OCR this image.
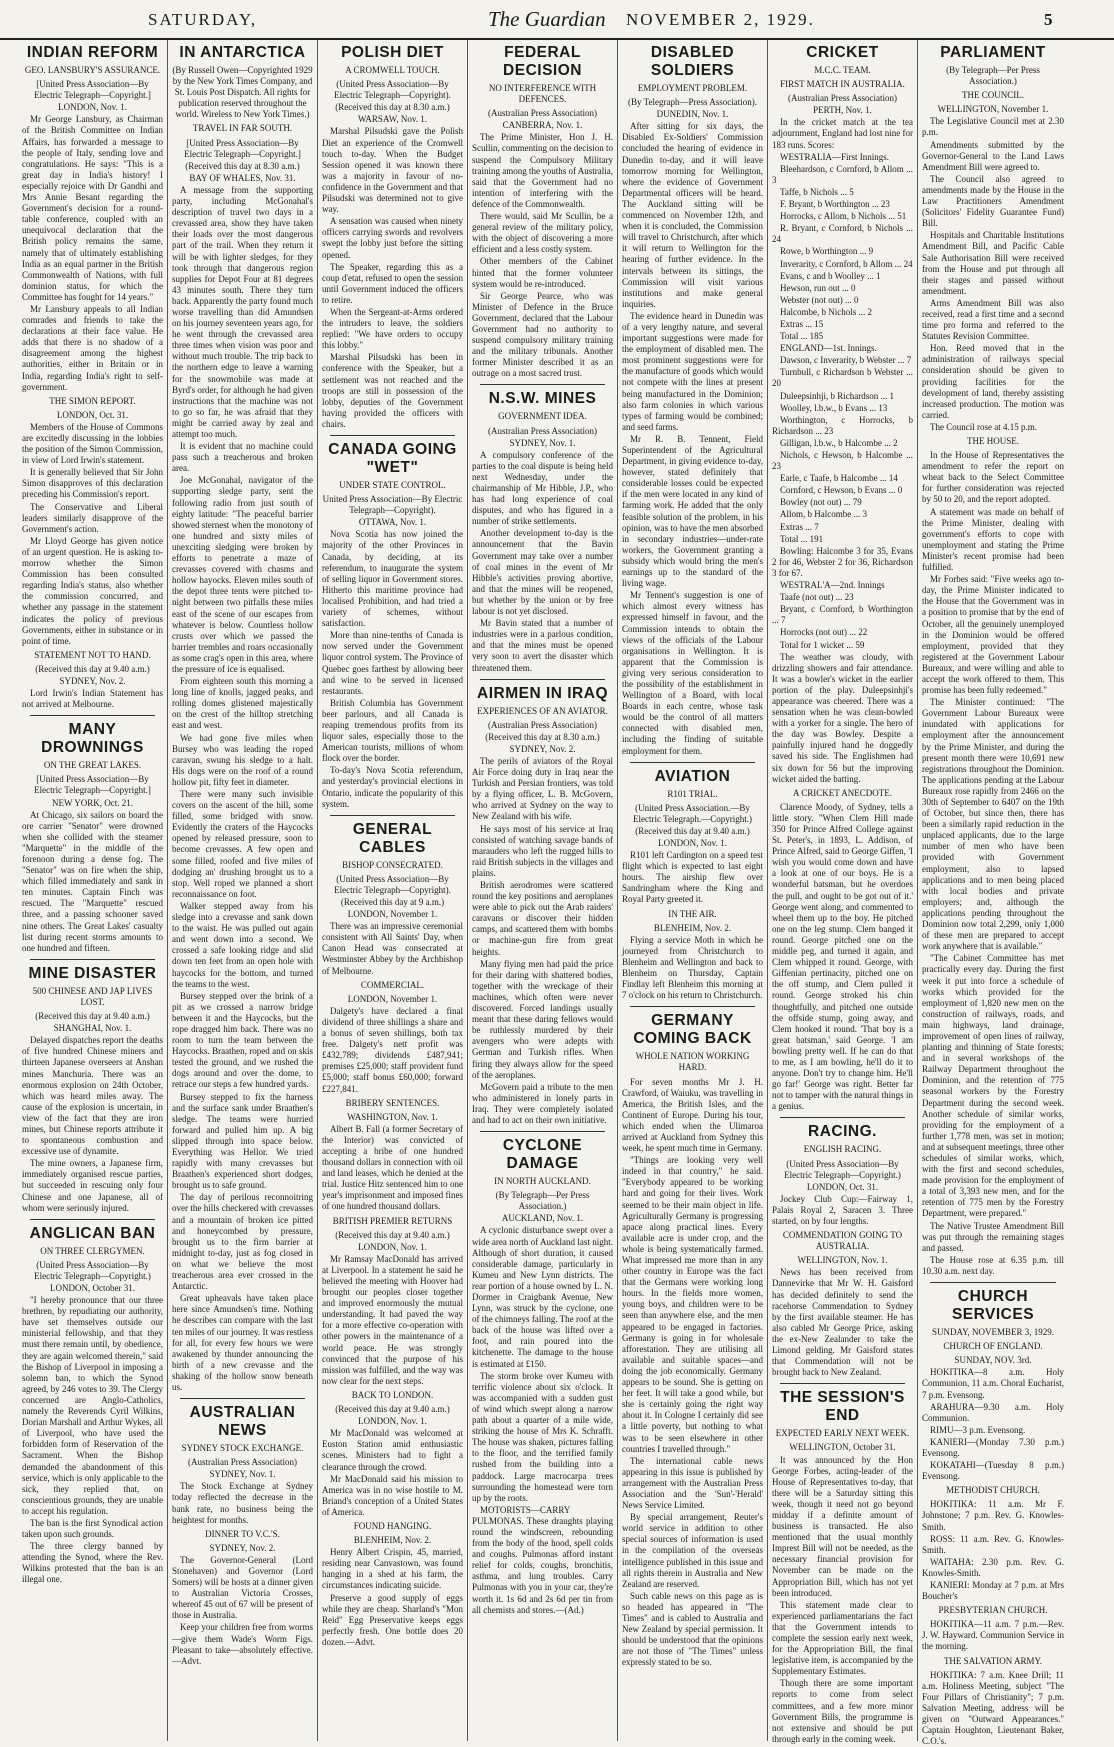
SATURDAY,	The Guardian NOVEMBER 2, 1929.	5
INDIAN REFORM

GEO. LANSBURY'S ASSURANCE.

[United Press Association—By Electric Telegraph—Copyright.]

LONDON, Nov. 1.

Mr George Lansbury, as Chairman of the British Committee on Indian Affairs, has forwarded a message to the people of Italy, sending love and congratulations. He says: "This is a great day in India's history! I especially rejoice with Dr Gandhi and Mrs Annie Besant regarding the Government's decision for a round-table conference, coupled with an unequivocal declaration that the British policy remains the same, namely that of ultimately establishing India as an equal partner in the British Commonwealth of Nations, with full dominion status, for which the Committee has fought for 14 years."

Mr Lansbury appeals to all Indian comrades and friends to take the declarations at their face value. He adds that there is no shadow of a disagreement among the highest authorities, either in Britain or in India, regarding India's right to self-government.

THE SIMON REPORT.

LONDON, Oct. 31.

Members of the House of Commons are excitedly discussing in the lobbies the position of the Simon Commission, in view of Lord Irwin's statement.

It is generally believed that Sir John Simon disapproves of this declaration preceding his Commission's report.

The Conservative and Liberal leaders similarly disapprove of the Government's action.

Mr Lloyd George has given notice of an urgent question. He is asking to-morrow whether the Simon Commission has been consulted regarding India's status, also whether the commission concurred, and whether any passage in the statement indicates the policy of previous Governments, either in substance or in point of time.

STATEMENT NOT TO HAND.

(Received this day at 9.40 a.m.)

SYDNEY, Nov. 2.

Lord Irwin's Indian Statement has not arrived at Melbourne.

MANY DROWNINGS

ON THE GREAT LAKES.

[United Press Association—By Electric Telegraph—Copyright.]

NEW YORK, Oct. 21.

At Chicago, six sailors on board the ore carrier "Senator" were drowned when she collided with the steamer "Marquette" in the middle of the forenoon during a dense fog. The "Senator" was on fire when the ship, which filled immediately and sank in ten minutes. Captain Finch was rescued. The "Marquette" rescued three, and a passing schooner saved nine others. The Great Lakes' casualty list during recent storms amounts to one hundred and fifteen.

MINE DISASTER

500 CHINESE AND JAP LIVES LOST.

(Received this day at 9.40 a.m.)

SHANGHAI, Nov. 1.

Delayed dispatches report the deaths of five hundred Chinese miners and thirteen Japanese overseers at Anshan mines Manchuria. There was an enormous explosion on 24th October, which was heard miles away. The cause of the explosion is uncertain, in view of the fact that they are iron mines, but Chinese reports attribute it to spontaneous combustion and excessive use of dynamite.

The mine owners, a Japanese firm, immediately organised rescue parties, but succeeded in rescuing only four Chinese and one Japanese, all of whom were seriously injured.

ANGLICAN BAN

ON THREE CLERGYMEN.

(United Press Association—By Electric Telegraph—Copyright.)

LONDON, October 31.

"I hereby pronounce that our three brethren, by repudiating our authority, have set themselves outside our ministerial fellowship, and that they must there remain until, by obedience, they are again welcomed therein," said the Bishop of Liverpool in imposing a solemn ban, to which the Synod agreed, by 246 votes to 39. The Clergy concerned are Anglo-Catholics, namely the Reverends Cyril Wilkins, Dorian Marshall and Arthur Wykes, all of Liverpool, who have used the forbidden form of Reservation of the Sacrament. When the Bishop demanded the abandonment of this service, which is only applicable to the sick, they replied that, on conscientious grounds, they are unable to accept his regulation.

The ban is the first Synodical action taken upon such grounds.

The three clergy banned by attending the Synod, where the Rev. Wilkins protested that the ban is an illegal one.

IN ANTARCTICA

(By Russell Owen—Copyrighted 1929 by the New York Times Company, and St. Louis Post Dispatch. All rights for publication reserved throughout the world. Wireless to New York Times.)

TRAVEL IN FAR SOUTH.

[United Press Association—By Electric Telegraph—Copyright.]

(Received this day at 8.30 a.m.)

BAY OF WHALES, Nov. 31.

A message from the supporting party, including McGonahal's description of travel two days in a crevassed area, show they have taken their loads over the most dangerous part of the trail. When they return it will be with lighter sledges, for they took through that dangerous region supplies for Depot Four at 81 degrees 43 minutes south. There they turn back. Apparently the party found much worse travelling than did Amundsen on his journey seventeen years ago, for he went through the crevassed area three times when vision was poor and without much trouble. The trip back to the northern edge to leave a warning for the snowmobile was made at Byrd's order, for although he had given instructions that the machine was not to go so far, he was afraid that they might be carried away by zeal and attempt too much.

It is evident that no machine could pass such a treacherous and broken area.

Joe McGonahal, navigator of the supporting sledge party, sent the following radio from just south of eighty latitude: "The peaceful barrier showed sternest when the monotony of one hundred and sixty miles of unexciting sledging were broken by efforts to penetrate a maze of crevasses covered with chasms and hollow hayocks. Eleven miles south of the depot three tents were pitched to-night between two pitfalls these miles east of the scene of our escapes from whatever is below. Countless hollow crusts over which we passed the barrier trembles and roars occasionally as some crag's open in this area, where the pressure of ice is equalised.

From eighteen south this morning a long line of knolls, jagged peaks, and rolling domes glistened majestically on the crest of the hilltop stretching east and west.

We had gone five miles when Bursey who was leading the roped caravan, swung his sledge to a halt. His dogs were on the roof of a round hollow pit, fifty feet in diameter.

There were many such invisible covers on the ascent of the hill, some filled, some bridged with snow. Evidently the craters of the Haycocks opened by released pressure, soon to become crevasses. A few open and some filled, roofed and five miles of dodging an' drushing brought us to a stop. Well roped we planned a short reconnaissance on foot.

Walker stepped away from his sledge into a crevasse and sank down to the waist. He was pulled out again and went down into a second. We crossed a safe looking ridge and slid down ten feet from an open hole with haycocks for the bottom, and turned the teams to the west.

Bursey stepped over the brink of a pit as we crossed a narrow bridge between it and the Haycocks, but the rope dragged him back. There was no room to turn the team between the Haycocks. Braathen, roped and on skis tested the ground, and we rushed the dogs around and over the dome, to retrace our steps a few hundred yards.

Bursey stepped to fix the harness and the surface sank under Braathen's sledge. The teams were hurried forward and pulled him up. A big slipped through into space below. Everything was Hellor. We tried rapidly with many crevasses but Braathen's experienced short dodges, brought us to safe ground.

The day of perilous reconnoitring over the hills checkered with crevasses and a mountain of broken ice pitted and honeycombed by pressure, brought us to the firm barrier at midnight to-day, just as fog closed in on what we believe the most treacherous area ever crossed in the Antarctic.

Great upheavals have taken place here since Amundsen's time. Nothing he describes can compare with the last ten miles of our journey. It was restless for all, for every few hours we were awakened by thunder announcing the birth of a new crevasse and the shaking of the hollow snow beneath us.

AUSTRALIAN NEWS

SYDNEY STOCK EXCHANGE.

(Australian Press Association)

SYDNEY, Nov. 1.

The Stock Exchange at Sydney today reflected the decrease in the bank rate, no business being the heightest for months.

DINNER TO V.C.'S.

SYDNEY, Nov. 2.

The Governor-General (Lord Stonehaven) and Governor (Lord Somers) will be hosts at a dinner given to Australian Victoria Crosses, whereof 45 out of 67 will be present of those in Australia.

Keep your children free from worms—give them Wade's Worm Figs. Pleasant to take—absolutely effective.—Advt.

POLISH DIET

A CROMWELL TOUCH.

(United Press Association—By Electric Telegraph—Copyright).

(Received this day at 8.30 a.m.)

WARSAW, Nov. 1.

Marshal Pilsudski gave the Polish Diet an experience of the Cromwell touch to-day. When the Budget Session opened it was known there was a majority in favour of no-confidence in the Government and that Pilsudski was determined not to give way.

A sensation was caused when ninety officers carrying swords and revolvers swept the lobby just before the sitting opened.

The Speaker, regarding this as a coup d'etat, refused to open the session until Government induced the officers to retire.

When the Sergeant-at-Arms ordered the intruders to leave, the soldiers replied: "We have orders to occupy this lobby."

Marshal Pilsudski has been in conference with the Speaker, but a settlement was not reached and the troops are still in possession of the lobby, deputies of the Government having provided the officers with chairs.

CANADA GOING "WET"

UNDER STATE CONTROL.

United Press Association—By Electric Telegraph—Copyright).

OTTAWA, Nov. 1.

Nova Scotia has now joined the majority of the other Provinces in Canada, by deciding, at its referendum, to inaugurate the system of selling liquor in Government stores. Hitherto this maritime province had localised Prohibition, and had tried a variety of schemes, without satisfaction.

More than nine-tenths of Canada is now served under the Government liquor control system. The Province of Quebec goes farthest by allowing beer and wine to be served in licensed restaurants.

British Columbia has Government beer parlours, and all Canada is reaping tremendous profits from its liquor sales, especially those to the American tourists, millions of whom flock over the border.

To-day's Nova Scotia referendum, and yesterday's provincial elections in Ontario, indicate the popularity of this system.

GENERAL CABLES

BISHOP CONSECRATED.

(United Press Association—By Electric Telegraph—Copyright).

(Received this day at 9 a.m.)

LONDON, November 1.

There was an impressive ceremonial consistent with All Saints' Day, when Canon Head was consecrated at Westminster Abbey by the Archbishop of Melbourne.

COMMERCIAL.

LONDON, November 1.

Dalgety's have declared a final dividend of three shillings a share and a bonus of seven shillings, both tax free. Dalgety's nett profit was £432,789; dividends £487,941; premises £25,000; staff provident fund £5,000; staff bonus £60,000; forward £227,841.

BRIBERY SENTENCES.

WASHINGTON, Nov. 1.

Albert B. Fall (a former Secretary of the Interior) was convicted of accepting a bribe of one hundred thousand dollars in connection with oil and land leases, which he denied at the trial. Justice Hitz sentenced him to one year's imprisonment and imposed fines of one hundred thousand dollars.

BRITISH PREMIER RETURNS

(Received this day at 9.40 a.m.)

LONDON, Nov. 1.

Mr Ramsay MacDonald has arrived at Liverpool. In a statement he said he believed the meeting with Hoover had brought our peoples closer together and improved enormously the mutual understanding. It had paved the way for a more effective co-operation with other powers in the maintenance of a world peace. He was strongly convinced that the purpose of his mission was fulfilled, and the way was now clear for the next steps.

BACK TO LONDON.

(Received this day at 9.40 a.m.)

LONDON, Nov. 1.

Mr MacDonald was welcomed at Euston Station amid enthusiastic scenes. Ministers had to fight a clearance through the crowd.

Mr MacDonald said his mission to America was in no wise hostile to M. Briand's conception of a United States of America.

FOUND HANGING.

BLENHEIM, Nov. 2.

Henry Albert Crispin, 45, married, residing near Canvastown, was found hanging in a shed at his farm, the circumstances indicating suicide.

Preserve a good supply of eggs while they are cheap. Sharland's "Mon Reid" Egg Preservative keeps eggs perfectly fresh. One bottle does 20 dozen.—Advt.

FEDERAL DECISION

NO INTERFERENCE WITH DEFENCES.

(Australian Press Association)

CANBERRA, Nov. 1.

The Prime Minister, Hon J. H. Scullin, commenting on the decision to suspend the Compulsory Military training among the youths of Australia, said that the Government had no intention of interfering with the defence of the Commonwealth.

There would, said Mr Scullin, be a general review of the military policy, with the object of discovering a more efficient and a less costly system.

Other members of the Cabinet hinted that the former volunteer system would be re-introduced.

Sir George Pearce, who was Minister of Defence in the Bruce Government, declared that the Labour Government had no authority to suspend compulsory military training and the military tribunals. Another former Minister described it as an outrage on a most sacred trust.

N.S.W. MINES

GOVERNMENT IDEA.

(Australian Press Association)

SYDNEY, Nov. 1.

A compulsory conference of the parties to the coal dispute is being held next Wednesday, under the chairmanship of Mr Hibble, J.P., who has had long experience of coal disputes, and who has figured in a number of strike settlements.

Another development to-day is the announcement that the Bavin Government may take over a number of coal mines in the event of Mr Hibble's activities proving abortive, and that the mines will be reopened, but whether by the union or by free labour is not yet disclosed.

Mr Bavin stated that a number of industries were in a parlous condition, and that the mines must be opened very soon to avert the disaster which threatened them.

AIRMEN IN IRAQ

EXPERIENCES OF AN AVIATOR.

(Australian Press Association)

(Received this day at 8.30 a.m.)

SYDNEY, Nov. 2.

The perils of aviators of the Royal Air Force doing duty in Iraq near the Turkish and Persian frontiers, was told by a flying officer, L. B. McGovern, who arrived at Sydney on the way to New Zealand with his wife.

He says most of his service at Iraq consisted of watching savage bands of marauders who left the rugged hills to raid British subjects in the villages and plains.

British aerodromes were scattered round the key positions and aeroplanes were able to pick out the Arab raiders' caravans or discover their hidden camps, and scattered them with bombs or machine-gun fire from great heights.

Many flying men had paid the price for their daring with shattered bodies, together with the wreckage of their machines, which often were never discovered. Forced landings usually meant that these daring fellows would be ruthlessly murdered by their avengers who were adepts with German and Turkish rifles. When firing they always allow for the speed of the aeroplanes.

McGovern paid a tribute to the men who administered in lonely parts in Iraq. They were completely isolated and had to act on their own initiative.

CYCLONE DAMAGE

IN NORTH AUCKLAND.

(By Telegraph—Per Press Association.)

AUCKLAND, Nov. 1.

A cyclonic disturbance swept over a wide area north of Auckland last night. Although of short duration, it caused considerable damage, particularly in Kumeu and New Lynn districts. The rear portion of a house owned by L. N. Dormer in Craigbank Avenue, New Lynn, was struck by the cyclone, one of the chimneys falling. The roof at the back of the house was lifted over a foot, and rain poured into the kitchenette. The damage to the house is estimated at £150.

The storm broke over Kumeu with terrific violence about six o'clock. It was accompanied with a sudden gust of wind which swept along a narrow path about a quarter of a mile wide, striking the house of Mrs K. Schrafft. The house was shaken, pictures falling to the floor, and the terrified family rushed from the building into a paddock. Large macrocarpa trees surrounding the homestead were torn up by the roots.

MOTORISTS—CARRY PULMONAS. These draughts playing round the windscreen, rebounding from the body of the hood, spell colds and coughs. Pulmonas afford instant relief for colds, coughs, bronchitis, asthma, and lung troubles. Carry Pulmonas with you in your car, they're worth it. 1s 6d and 2s 6d per tin from all chemists and stores.—(Ad.)

DISABLED SOLDIERS

EMPLOYMENT PROBLEM.

(By Telegraph—Press Association).

DUNEDIN, Nov. 1.

After sitting for six days, the Disabled Ex-Soldiers' Commission concluded the hearing of evidence in Dunedin to-day, and it will leave tomorrow morning for Wellington, where the evidence of Government Departmental officers will be heard. The Auckland sitting will be commenced on November 12th, and when it is concluded, the Commission will travel to Christchurch, after which it will return to Wellington for the hearing of further evidence. In the intervals between its sittings, the Commission will visit various institutions and make general inquiries.

The evidence heard in Dunedin was of a very lengthy nature, and several important suggestions were made for the employment of disabled men. The most prominent suggestions were for the manufacture of goods which would not compete with the lines at present being manufactured in the Dominion; also farm colonies in which various types of farming would be combined; and seed farms.

Mr R. B. Tennent, Field Superintendent of the Agricultural Department, in giving evidence to-day, however, stated definitely that considerable losses could be expected if the men were located in any kind of farming work. He added that the only feasible solution of the problem, in his opinion, was to have the men absorbed in secondary industries—under-rate workers, the Government granting a subsidy which would bring the men's earnings up to the standard of the living wage.

Mr Tennent's suggestion is one of which almost every witness has expressed himself in favour, and the Commission intends to obtain the views of the officials of the Labour organisations in Wellington. It is apparent that the Commission is giving very serious consideration to the possibility of the establishment in Wellington of a Board, with local Boards in each centre, whose task would be the control of all matters connected with disabled men, including the finding of suitable employment for them.

AVIATION

R101 TRIAL.

(United Press Association.—By Electric Telegraph.—Copyright.)

(Received this day at 9.40 a.m.)

LONDON, Nov. 1.

R101 left Cardington on a speed test flight which is expected to last eight hours. The airship flew over Sandringham where the King and Royal Party greeted it.

IN THE AIR.

BLENHEIM, Nov. 2.

Flying a service Moth in which he journeyed from Christchurch to Blenheim and Wellington and back to Blenheim on Thursday, Captain Findlay left Blenheim this morning at 7 o'clock on his return to Christchurch.

GERMANY COMING BACK

WHOLE NATION WORKING HARD.

For seven months Mr J. H. Crawford, of Waiuku, was travelling in America, the British Isles, and the Continent of Europe. During his tour, which ended when the Ulimaroa arrived at Auckland from Sydney this week, he spent much time in Germany.

"Things are looking very well indeed in that country," he said. "Everybody appeared to be working hard and going for their lives. Work seemed to be their main object in life. Agriculturally Germany is progressing apace along practical lines. Every available acre is under crop, and the whole is being systematically farmed. What impressed me more than in any other country in Europe was the fact that the Germans were working long hours. In the fields more women, young boys, and children were to be seen than anywhere else, and the men appeared to be engaged in factories. Germany is going in for wholesale afforestation. They are utilising all available and suitable spaces—and doing the job economically. Germany appears to be sound. She is getting on her feet. It will take a good while, but she is certainly going the right way about it. In Cologne I certainly did see a little poverty, but nothing to what was to be seen elsewhere in other countries I travelled through."

The international cable news appearing in this issue is published by arrangement with the Australian Press Association and the 'Sun'-'Herald' News Service Limited.

By special arrangement, Reuter's world service in addition to other special sources of information is used in the compilation of the overseas intelligence published in this issue and all rights therein in Australia and New Zealand are reserved.

Such cable news on this page as is so headed has appeared in "The Times" and is cabled to Australia and New Zealand by special permission. It should be understood that the opinions are not those of "The Times" unless expressly stated to be so.

CRICKET

M.C.C. TEAM.

FIRST MATCH IN AUSTRALIA.

(Australian Press Association)

PERTH, Nov. 1.

In the cricket match at the tea adjournment, England had lost nine for 183 runs. Scores:

WESTRALIA—First Innings.

Bleehardson, c Cornford, b Allom ... 3

Taffe, b Nichols ... 5

F. Bryant, b Worthington ... 23

Horrocks, c Allom, b Nichols ... 51

R. Bryant, c Cornford, b Nichols ... 24

Rowe, b Worthington ... 9

Inverarity, c Cornford, b Allom ... 24

Evans, c and b Woolley ... 1

Hewson, run out ... 0

Webster (not out) ... 0

Halcombe, b Nichols ... 2

Extras ... 15

Total ... 185

ENGLAND—1st. Innings.

Dawson, c Inverarity, b Webster ... 7

Turnbull, c Richardson b Webster ... 20

Duleepsinhji, b Richardson ... 1

Woolley, l.b.w., b Evans ... 13

Worthington, c Horrocks, b Richardson ... 23

Gilligan, l.b.w., b Halcombe ... 2

Nichols, c Hewson, b Halcombe ... 23

Earle, c Taafe, b Halcombe ... 14

Cornford, c Hewson, b Evans ... 0

Bowley (not out) ... 79

Allom, b Halcombe ... 3

Extras ... 7

Total ... 191

Bowling: Halcombe 3 for 35, Evans 2 for 46, Webster 2 for 36, Richardson 3 for 67.

WESTRAL'A—2nd. Innings

Taafe (not out) ... 23

Bryant, c Cornford, b Worthington ... 7

Horrocks (not out) ... 22

Total for 1 wicket ... 59

The weather was cloudy, with drizzling showers and fair attendance. It was a bowler's wicket in the earlier portion of the play. Duleepsinhji's appearance was cheered. There was a sensation when he was clean-bowled with a yorker for a single. The hero of the day was Bowley. Despite a painfully injured hand he doggedly saved his side. The Englishmen had six down for 56 but the improving wicket aided the batting.

A CRICKET ANECDOTE.

Clarence Moody, of Sydney, tells a little story. "When Clem Hill made 350 for Prince Alfred College against St. Peter's, in 1893, L. Addison, of Prince Alfred, said to George Giffen, 'I wish you would come down and have a look at one of our boys. He is a wonderful batsman, but he overdoes the pull, and ought to be got out of it.' George went along, and commented to wheel them up to the boy. He pitched one on the leg stump. Clem banged it round. George pitched one on the middle peg, and turned it again, and Clem whipped it round. George, with Giffenian pertinacity, pitched one on the off stump, and Clem pulled it round. George stroked his chin thoughtfully, and pitched one outside the offside stump, going away, and Clem hooked it round. 'That boy is a great batsman,' said George. 'I am bowling pretty well. If he can do that to me, as I am bowling, he'll do it to anyone. Don't try to change him. He'll go far!' George was right. Better far not to tamper with the natural things in a genius.

RACING.

ENGLISH RACING.

(United Press Association—By Electric Telegraph—Copyright.)

LONDON, Oct. 31.

Jockey Club Cup:—Fairway 1, Palais Royal 2, Saracen 3. Three started, on by four lengths.

COMMENDATION GOING TO AUSTRALIA.

WELLINGTON, Nov. 1.

News has been received from Dannevirke that Mr W. H. Gaisford has decided definitely to send the racehorse Commendation to Sydney by the first available steamer. He has also cabled Mr George Price, asking the ex-New Zealander to take the Limond gelding. Mr Gaisford states that Commendation will not be brought back to New Zealand.

THE SESSION'S END

EXPECTED EARLY NEXT WEEK.

WELLINGTON, October 31.

It was announced by the Hon George Forbes, acting-leader of the House of Representatives to-day, that there will be a Saturday sitting this week, though it need not go beyond midday if a definite amount of business is transacted. He also mentioned that the usual monthly Imprest Bill will not be needed, as the necessary financial provision for November can be made on the Appropriation Bill, which has not yet been introduced.

This statement made clear to experienced parliamentarians the fact that the Government intends to complete the session early next week, for the Appropriation Bill, the final legislative item, is accompanied by the Supplementary Estimates.

Though there are some important reports to come from select committees, and a few more minor Government Bills, the programme is not extensive and should be put through early in the coming week.

PARLIAMENT

(By Telegraph—Per Press Association.)

THE COUNCIL.

WELLINGTON, November 1.

The Legislative Council met at 2.30 p.m.

Amendments submitted by the Governor-General to the Land Laws Amendment Bill were agreed to.

The Council also agreed to amendments made by the House in the Law Practitioners Amendment (Solicitors' Fidelity Guarantee Fund) Bill.

Hospitals and Charitable Institutions Amendment Bill, and Pacific Cable Sale Authorisation Bill were received from the House and put through all their stages and passed without amendment.

Arms Amendment Bill was also received, read a first time and a second time pro forma and referred to the Statutes Revision Committee.

Hon. Reed moved that in the administration of railways special consideration should be given to providing facilities for the development of land, thereby assisting increased production. The motion was carried.

The Council rose at 4.15 p.m.

THE HOUSE.

In the House of Representatives the amendment to refer the report on wheat back to the Select Committee for further consideration was rejected by 50 to 20, and the report adopted.

A statement was made on behalf of the Prime Minister, dealing with government's efforts to cope with unemployment and stating the Prime Minister's recent promise had been fulfilled.

Mr Forbes said: "Five weeks ago to-day, the Prime Minister indicated to the House that the Government was in a position to promise that by the end of October, all the genuinely unemployed in the Dominion would be offered employment, provided that they registered at the Government Labour Bureaux, and were willing and able to accept the work offered to them. This promise has been fully redeemed."

The Minister continued: "The Government Labour Bureaux were inundated with applications for employment after the announcement by the Prime Minister, and during the present month there were 10,691 new registrations throughout the Dominion. The applications pending at the Labour Bureaux rose rapidly from 2466 on the 30th of September to 6407 on the 19th of October, but since then, there has been a similarly rapid reduction in the unplaced applicants, due to the large number of men who have been provided with Government employment, also to lapsed applications and to men being placed with local bodies and private employers; and, although the applications pending throughout the Dominion now total 2,299, only 1,000 of these men are prepared to accept work anywhere that is available."

"The Cabinet Committee has met practically every day. During the first week it put into force a schedule of works which provided for the employment of 1,820 new men on the construction of railways, roads, and main highways, land drainage, improvement of open lines of railway, planting and thinning of State forests; and in several workshops of the Railway Department throughout the Dominion, and the retention of 775 seasonal workers by the Forestry Department during the second week. Another schedule of similar works, providing for the employment of a further 1,778 men, was set in motion; and at subsequent meetings, three other schedules of similar works, which, with the first and second schedules, made provision for the employment of a total of 3,393 new men, and for the retention of 775 men by the Forestry Department, were prepared."

The Native Trustee Amendment Bill was put through the remaining stages and passed.

The House rose at 6.35 p.m. till 10.30 a.m. next day.

CHURCH SERVICES

SUNDAY, NOVEMBER 3, 1929.

CHURCH OF ENGLAND.

SUNDAY, NOV. 3rd.

HOKITIKA—8 a.m. Holy Communion, 11 a.m. Choral Eucharist, 7 p.m. Evensong.

ARAHURA—9.30 a.m. Holy Communion.

RIMU—3 p.m. Evensong.

KANIERI—(Monday 7.30 p.m.) Evensong.

KOKATAHI—(Tuesday 8 p.m.) Evensong.

METHODIST CHURCH.

HOKITIKA: 11 a.m. Mr F. Johnstone; 7 p.m. Rev. G. Knowles-Smith.

ROSS: 11 a.m. Rev. G. Knowles-Smith.

WAITAHA: 2.30 p.m. Rev. G. Knowles-Smith.

KANIERI: Monday at 7 p.m. at Mrs Boucher's

PRESBYTERIAN CHURCH.

HOKITIKA—11 a.m. 7 p.m.—Rev. J. W. Hayward. Communion Service in the morning.

THE SALVATION ARMY.

HOKITIKA: 7 a.m. Knee Drill; 11 a.m. Holiness Meeting, subject "The Four Pillars of Christianity"; 7 p.m. Salvation Meeting, address will be given on "Outward Appearances." Captain Houghton, Lieutenant Baker, C.O.'s.
